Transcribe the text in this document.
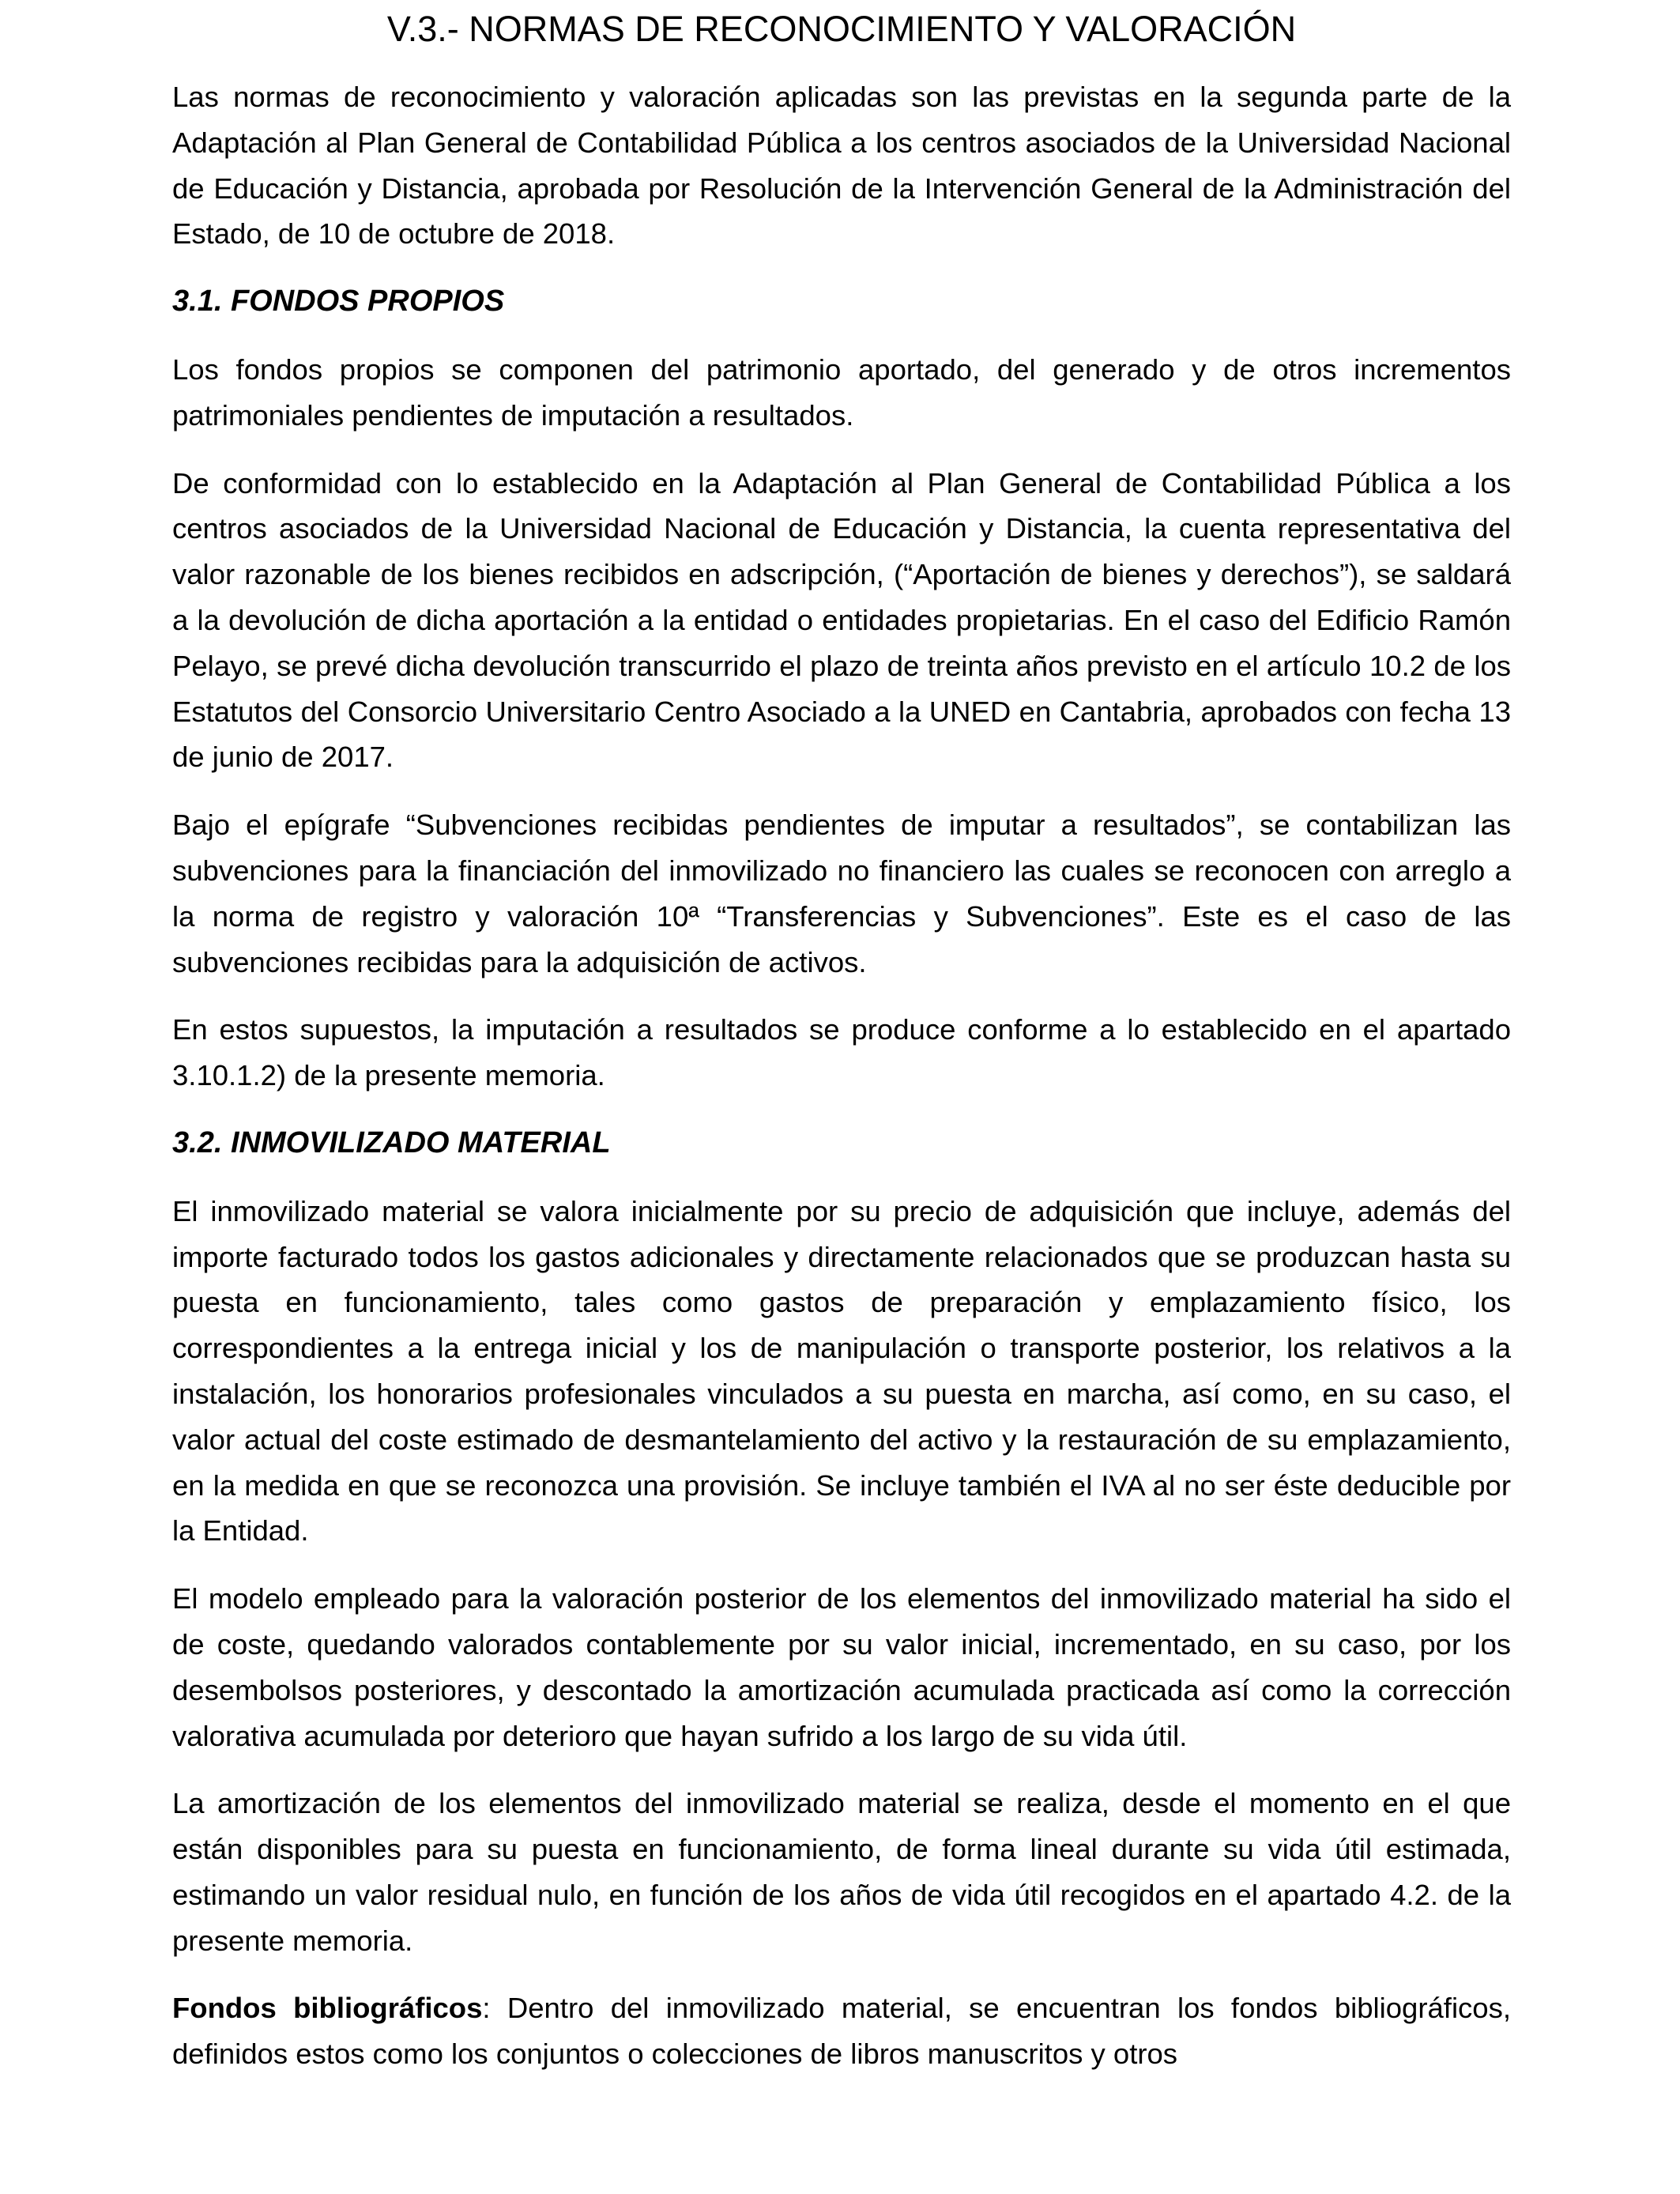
V.3.- NORMAS DE RECONOCIMIENTO Y VALORACIÓN

Las normas de reconocimiento y valoración aplicadas son las previstas en la segunda parte de la Adaptación al Plan General de Contabilidad Pública a los centros asociados de la Universidad Nacional de Educación y Distancia, aprobada por Resolución de la Intervención General de la Administración del Estado, de 10 de octubre de 2018.

3.1. FONDOS PROPIOS

Los fondos propios se componen del patrimonio aportado, del generado y de otros incrementos patrimoniales pendientes de imputación a resultados.

De conformidad con lo establecido en la Adaptación al Plan General de Contabilidad Pública a los centros asociados de la Universidad Nacional de Educación y Distancia, la cuenta representativa del valor razonable de los bienes recibidos en adscripción, (“Aportación de bienes y derechos”), se saldará a la devolución de dicha aportación a la entidad o entidades propietarias. En el caso del Edificio Ramón Pelayo, se prevé dicha devolución transcurrido el plazo de treinta años previsto en el artículo 10.2 de los Estatutos del Consorcio Universitario Centro Asociado a la UNED en Cantabria, aprobados con fecha 13 de junio de 2017.

Bajo el epígrafe “Subvenciones recibidas pendientes de imputar a resultados”, se contabilizan las subvenciones para la financiación del inmovilizado no financiero las cuales se reconocen con arreglo a la norma de registro y valoración 10ª “Transferencias y Subvenciones”. Este es el caso de las subvenciones recibidas para la adquisición de activos.

En estos supuestos, la imputación a resultados se produce conforme a lo establecido en el apartado 3.10.1.2) de la presente memoria.

3.2. INMOVILIZADO MATERIAL

El inmovilizado material se valora inicialmente por su precio de adquisición que incluye, además del importe facturado todos los gastos adicionales y directamente relacionados que se produzcan hasta su puesta en funcionamiento, tales como gastos de preparación y emplazamiento físico, los correspondientes a la entrega inicial y los de manipulación o transporte posterior, los relativos a la instalación, los honorarios profesionales vinculados a su puesta en marcha, así como, en su caso, el valor actual del coste estimado de desmantelamiento del activo y la restauración de su emplazamiento, en la medida en que se reconozca una provisión. Se incluye también el IVA al no ser éste deducible por la Entidad.

El modelo empleado para la valoración posterior de los elementos del inmovilizado material ha sido el de coste, quedando valorados contablemente por su valor inicial, incrementado, en su caso, por los desembolsos posteriores, y descontado la amortización acumulada practicada así como la corrección valorativa acumulada por deterioro que hayan sufrido a los largo de su vida útil.

La amortización de los elementos del inmovilizado material se realiza, desde el momento en el que están disponibles para su puesta en funcionamiento, de forma lineal durante su vida útil estimada, estimando un valor residual nulo, en función de los años de vida útil recogidos en el apartado 4.2. de la presente memoria.

Fondos bibliográficos: Dentro del inmovilizado material, se encuentran los fondos bibliográficos, definidos estos como los conjuntos o colecciones de libros manuscritos y otros
